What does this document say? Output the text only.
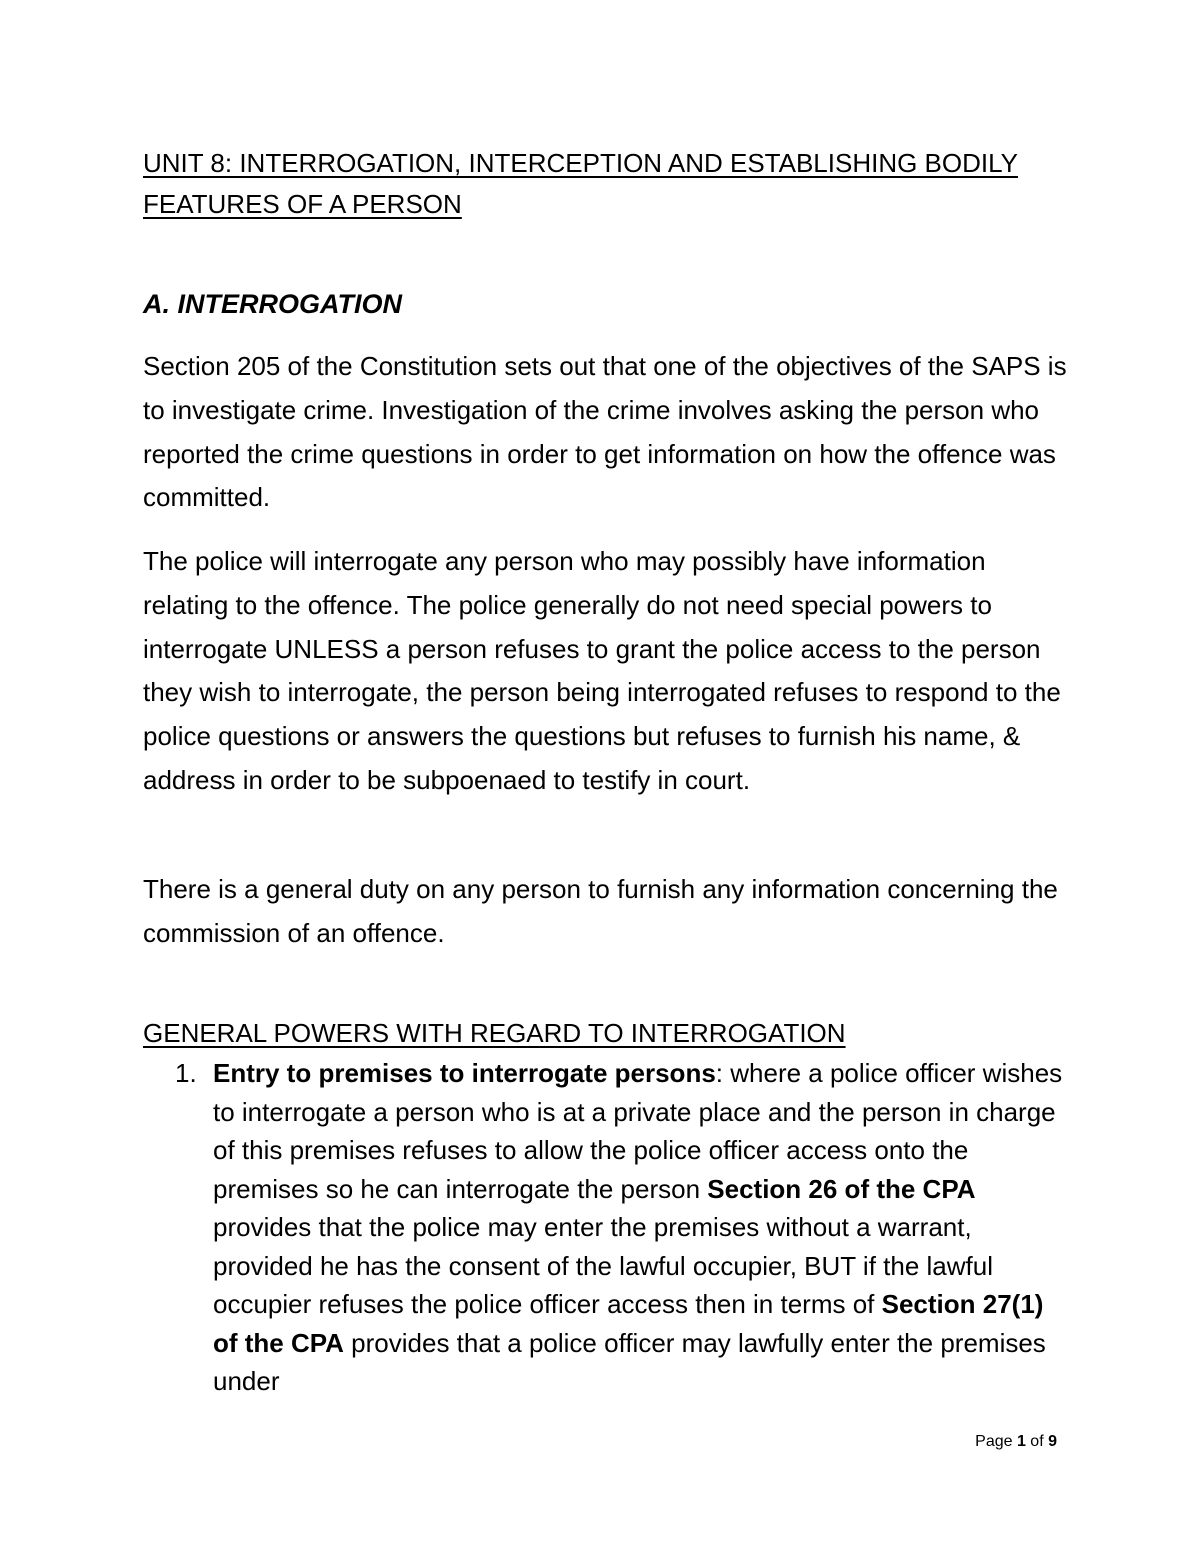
UNIT 8: INTERROGATION, INTERCEPTION AND ESTABLISHING BODILY FEATURES OF A PERSON
A. INTERROGATION

Section 205 of the Constitution sets out that one of the objectives of the SAPS is to investigate crime. Investigation of the crime involves asking the person who reported the crime questions in order to get information on how the offence was committed.

The police will interrogate any person who may possibly have information relating to the offence. The police generally do not need special powers to interrogate UNLESS a person refuses to grant the police access to the person they wish to interrogate, the person being interrogated refuses to respond to the police questions or answers the questions but refuses to furnish his name, & address in order to be subpoenaed to testify in court.

There is a general duty on any person to furnish any information concerning the commission of an offence.

GENERAL POWERS WITH REGARD TO INTERROGATION
1. Entry to premises to interrogate persons: where a police officer wishes to interrogate a person who is at a private place and the person in charge of this premises refuses to allow the police officer access onto the premises so he can interrogate the person Section 26 of the CPA provides that the police may enter the premises without a warrant, provided he has the consent of the lawful occupier, BUT if the lawful occupier refuses the police officer access then in terms of Section 27(1) of the CPA provides that a police officer may lawfully enter the premises under
Page 1 of 9
